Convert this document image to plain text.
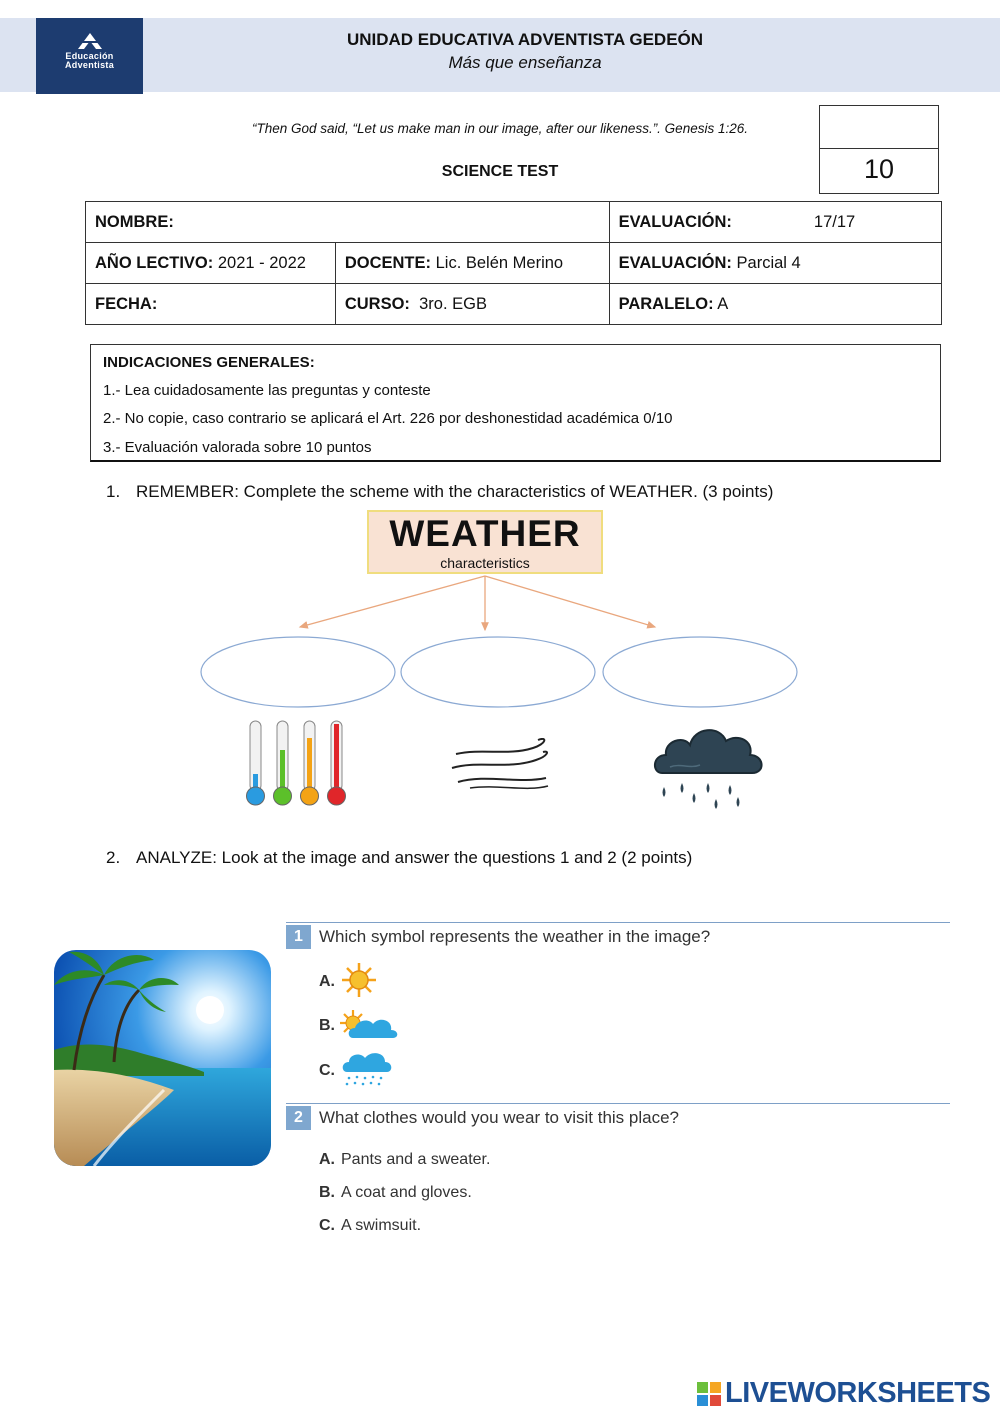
Educación
Adventista
UNIDAD EDUCATIVA ADVENTISTA GEDEÓN
Más que enseñanza
“Then God said, “Let us make man in our image, after our likeness.”. Genesis 1:26.
SCIENCE TEST	10
NOMBRE:		EVALUACIÓN: 17/17
AÑO LECTIVO: 2021 - 2022	DOCENTE: Lic. Belén Merino	EVALUACIÓN: Parcial 4
FECHA:	CURSO: 3ro. EGB	PARALELO: A
INDICACIONES GENERALES:
1.- Lea cuidadosamente las preguntas y conteste
2.- No copie, caso contrario se aplicará el Art. 226 por deshonestidad académica 0/10
3.- Evaluación valorada sobre 10 puntos
1. REMEMBER: Complete the scheme with the characteristics of WEATHER. (3 points)
WEATHER
characteristics
2. ANALYZE: Look at the image and answer the questions 1 and 2 (2 points)
1 Which symbol represents the weather in the image?
A.
B.
C.
2 What clothes would you wear to visit this place?
A. Pants and a sweater.
B. A coat and gloves.
C. A swimsuit.
LIVEWORKSHEETS
